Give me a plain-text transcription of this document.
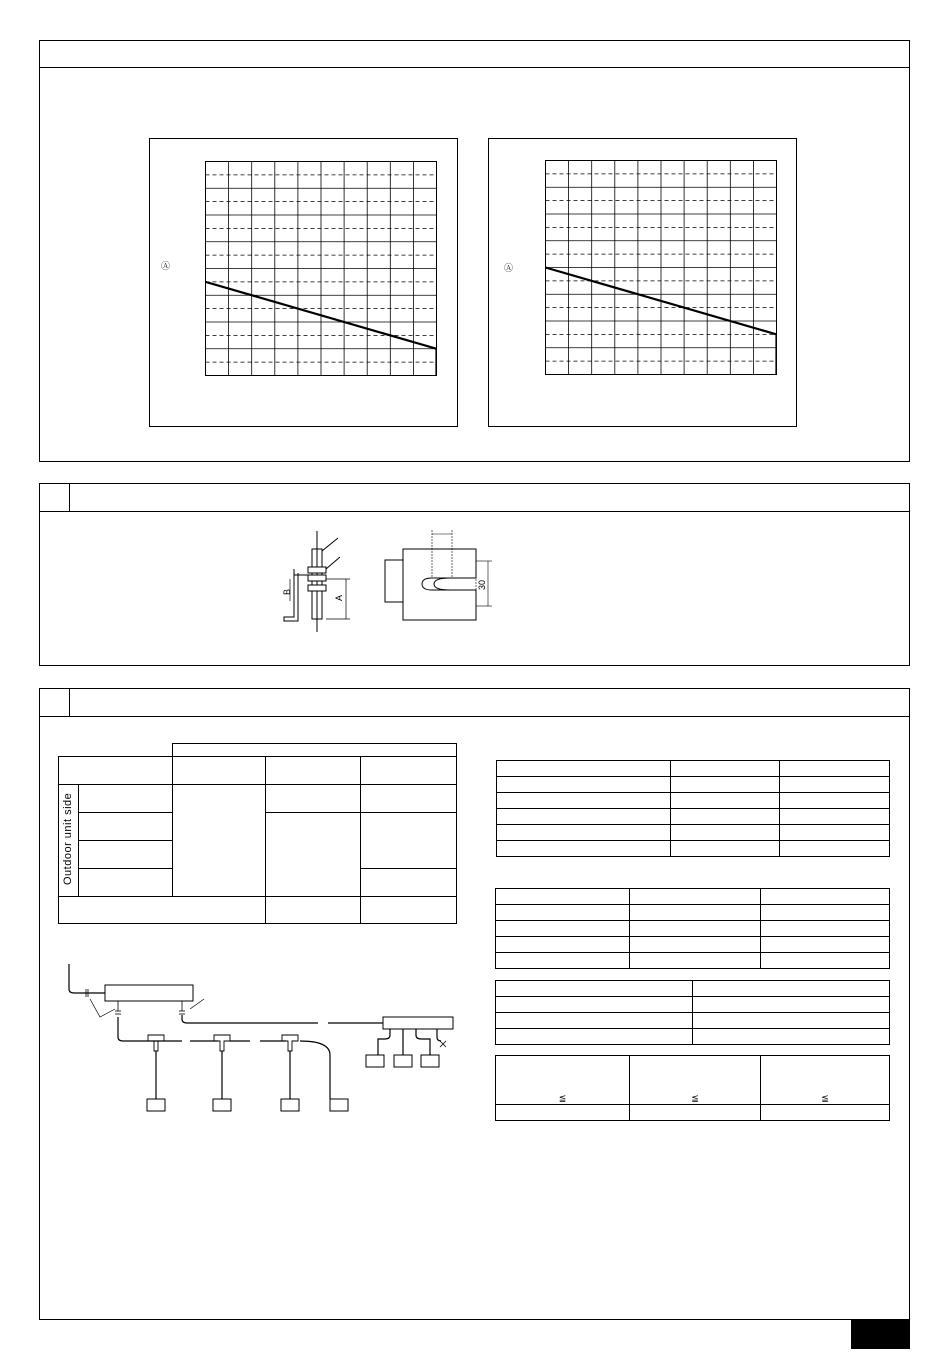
Ⓐ	Ⓐ
A
B
30

Outdoor unit side				

≦	≦	≦
